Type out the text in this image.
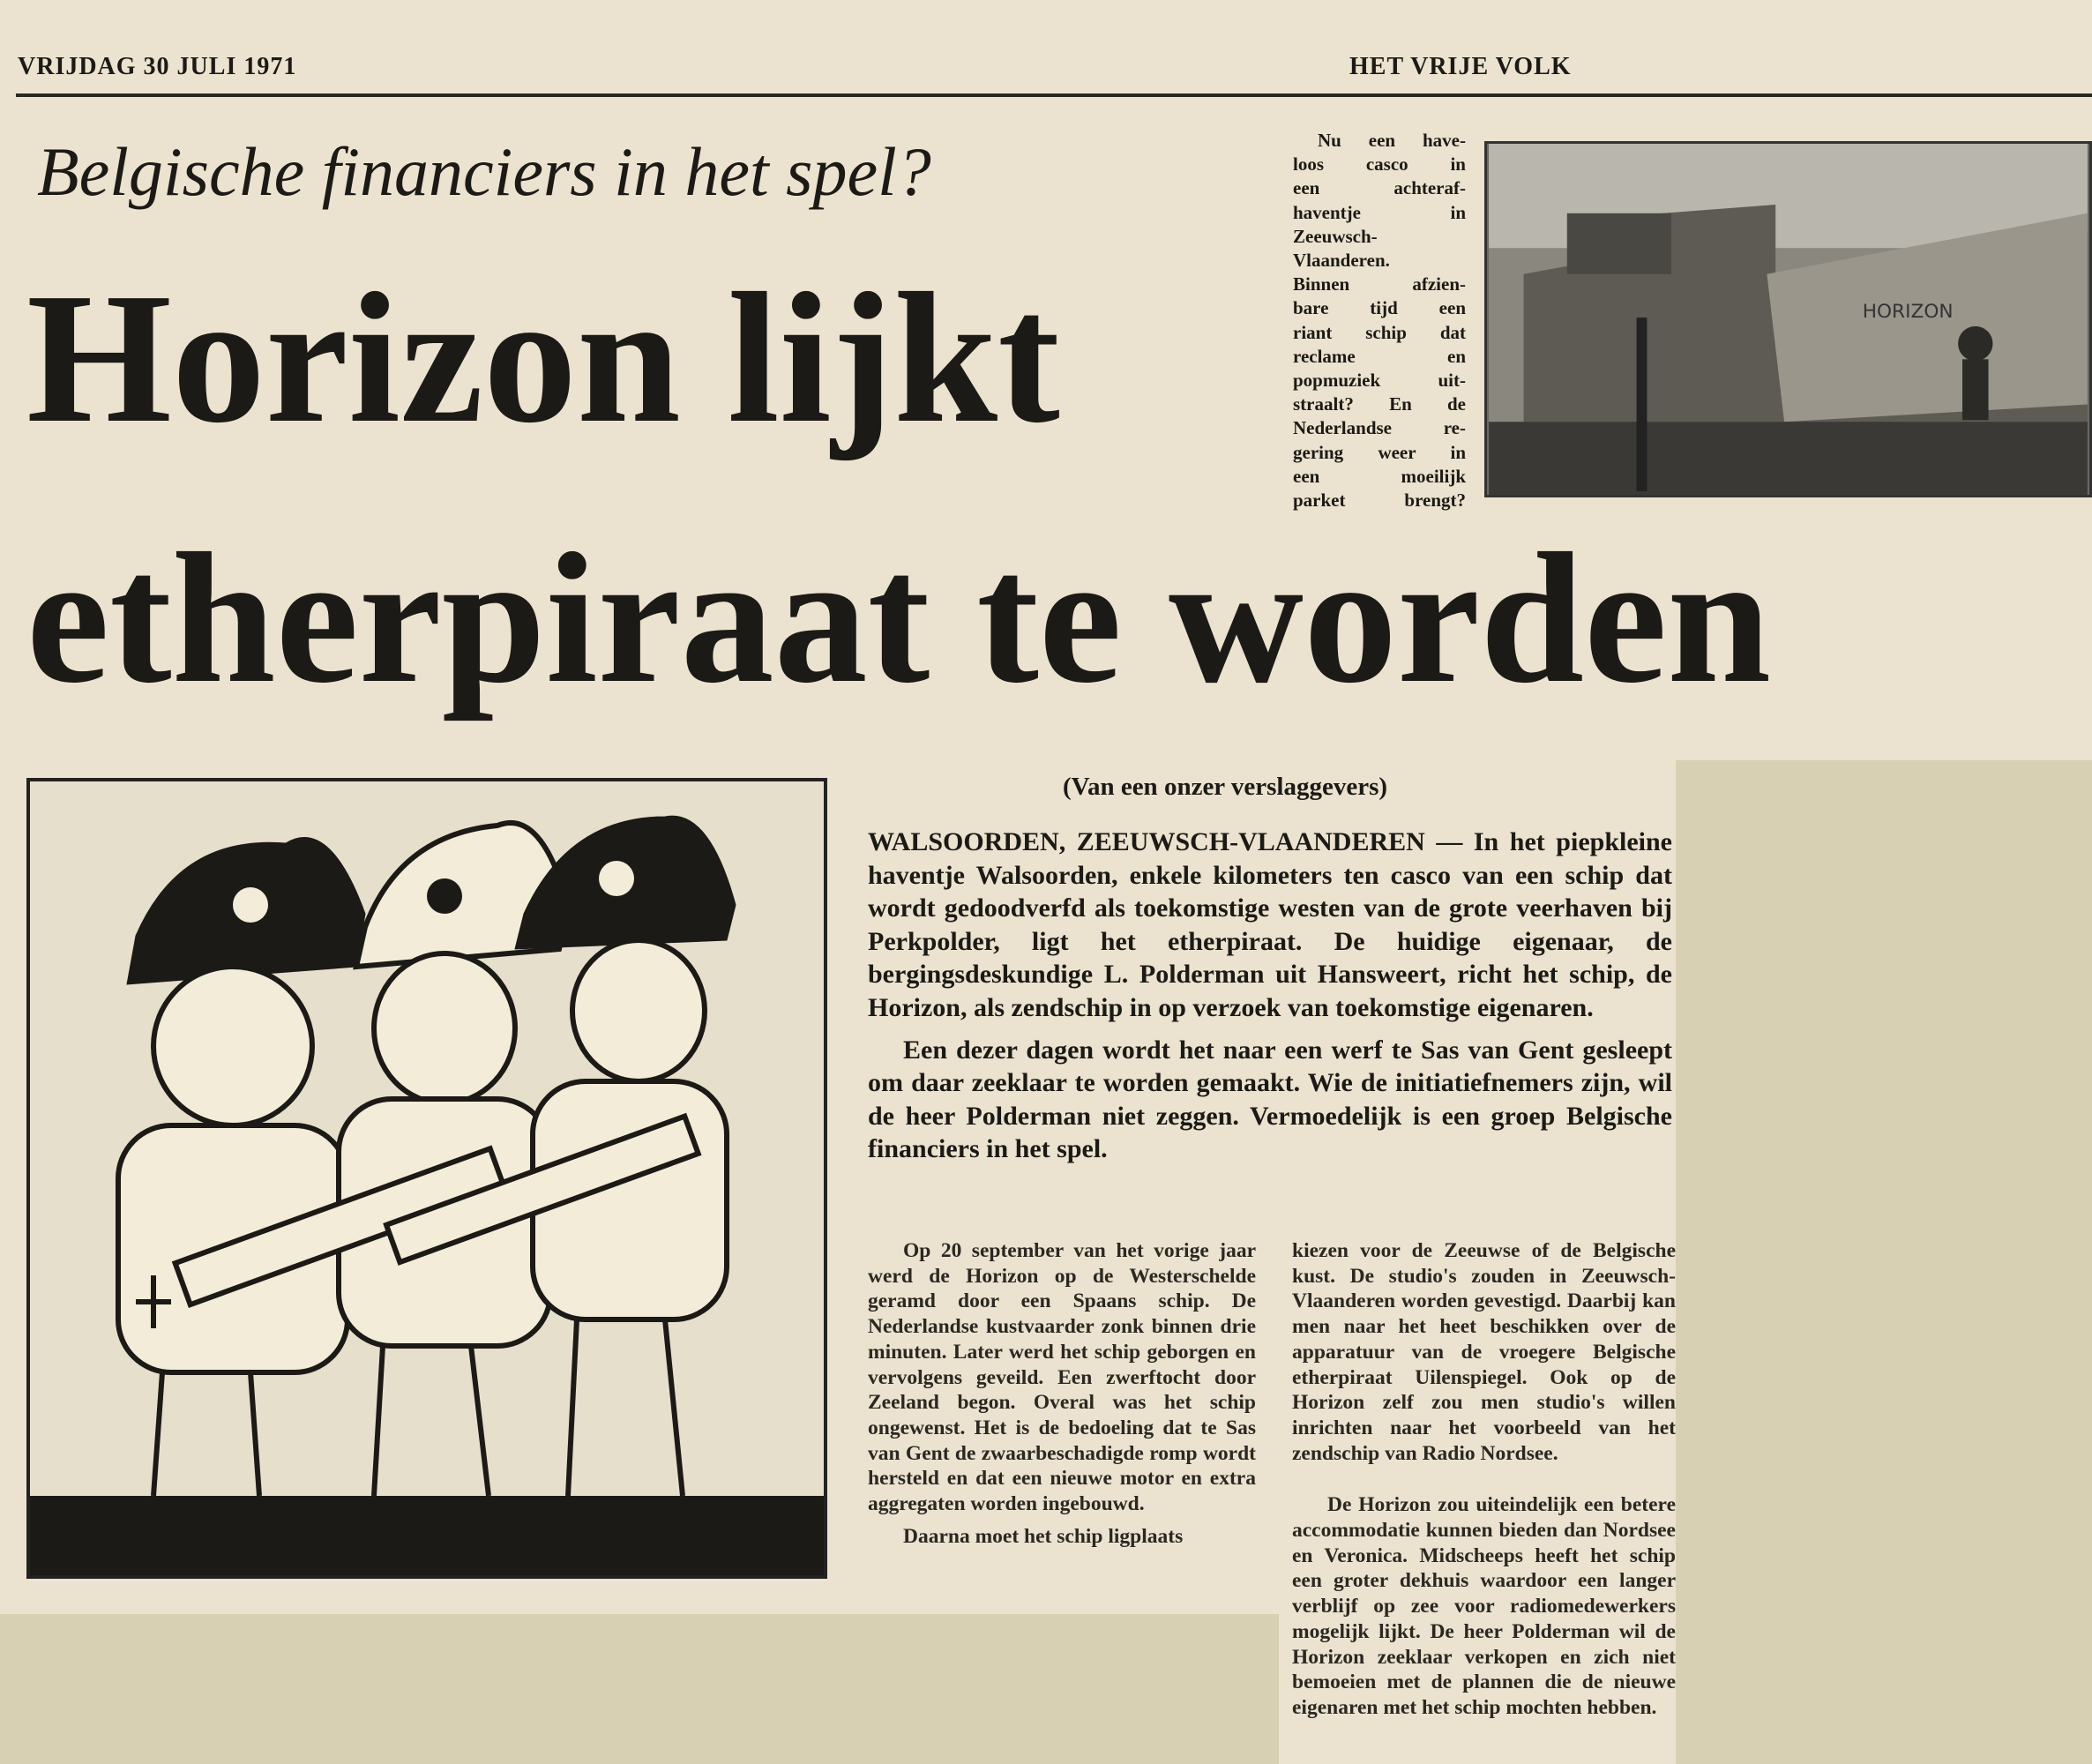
VRIJDAG 30 JULI 1971	HET VRIJE VOLK
Belgische financiers in het spel?
Horizon lijkt
etherpiraat te worden

Nu een have-

loos casco in

een achteraf-

haventje in

Zeeuwsch-

Vlaanderen.

Binnen afzien-

bare tijd een

riant schip dat

reclame en

popmuziek uit-

straalt? En de

Nederlandse re-

gering weer in

een moeilijk

parket brengt?

HORIZON
(Van een onzer verslaggevers)

WALSOORDEN, ZEEUWSCH-VLAANDEREN — In het piepkleine haventje Walsoorden, enkele kilometers ten casco van een schip dat wordt gedoodverfd als toekomstige westen van de grote veerhaven bij Perkpolder, ligt het etherpiraat. De huidige eigenaar, de bergingsdeskundige L. Polderman uit Hansweert, richt het schip, de Horizon, als zendschip in op verzoek van toekomstige eigenaren.

Een dezer dagen wordt het naar een werf te Sas van Gent gesleept om daar zeeklaar te worden gemaakt. Wie de initiatiefnemers zijn, wil de heer Polderman niet zeggen. Vermoedelijk is een groep Belgische financiers in het spel.

Op 20 september van het vorige jaar werd de Horizon op de Westerschelde geramd door een Spaans schip. De Nederlandse kustvaarder zonk binnen drie minuten. Later werd het schip geborgen en vervolgens geveild. Een zwerftocht door Zeeland begon. Overal was het schip ongewenst. Het is de bedoeling dat te Sas van Gent de zwaarbeschadigde romp wordt hersteld en dat een nieuwe motor en extra aggregaten worden ingebouwd.

Daarna moet het schip ligplaats

kiezen voor de Zeeuwse of de Belgische kust. De studio's zouden in Zeeuwsch-Vlaanderen worden gevestigd. Daarbij kan men naar het heet beschikken over de apparatuur van de vroegere Belgische etherpiraat Uilenspiegel. Ook op de Horizon zelf zou men studio's willen inrichten naar het voorbeeld van het zendschip van Radio Nordsee.

De Horizon zou uiteindelijk een betere accommodatie kunnen bieden dan Nordsee en Veronica. Midscheeps heeft het schip een groter dekhuis waardoor een langer verblijf op zee voor radiomedewerkers mogelijk lijkt. De heer Polderman wil de Horizon zeeklaar verkopen en zich niet bemoeien met de plannen die de nieuwe eigenaren met het schip mochten hebben.
